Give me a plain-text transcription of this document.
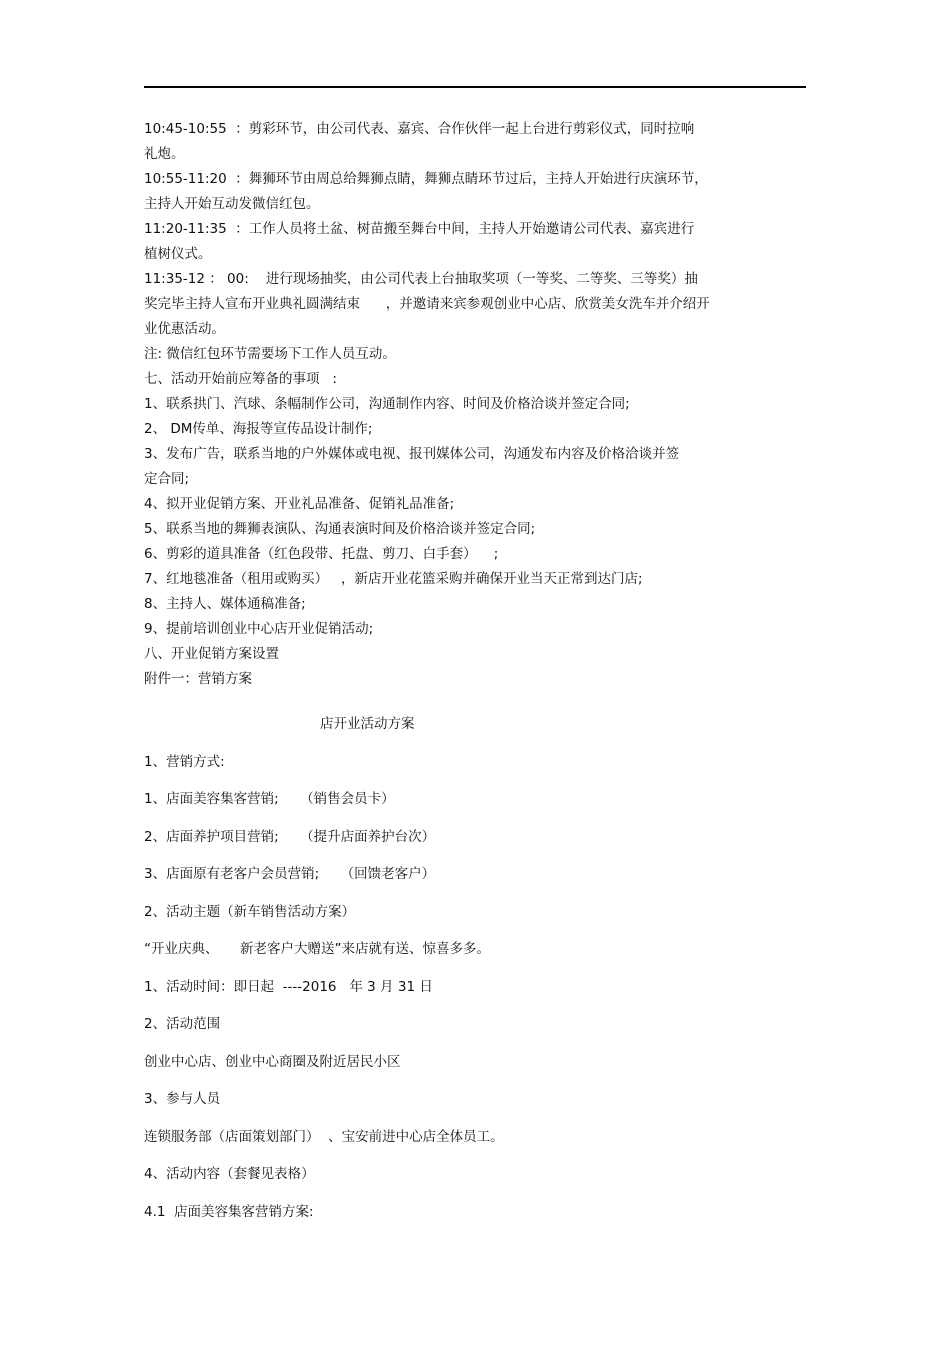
10:45-10:55  ：剪彩环节，由公司代表、嘉宾、合作伙伴一起上台进行剪彩仪式，同时拉响

礼炮。

10:55-11:20  ：舞狮环节由周总给舞狮点睛，舞狮点睛环节过后，主持人开始进行庆演环节，

主持人开始互动发微信红包。

11:20-11:35  ：工作人员将土盆、树苗搬至舞台中间，主持人开始邀请公司代表、嘉宾进行

植树仪式。

11:35-12 ： 00:    进行现场抽奖，由公司代表上台抽取奖项（一等奖、二等奖、三等奖）抽

奖完毕主持人宣布开业典礼圆满结束      ，并邀请来宾参观创业中心店、欣赏美女洗车并介绍开

业优惠活动。

注: 微信红包环节需要场下工作人员互动。

七、活动开始前应筹备的事项   :

1、联系拱门、汽球、条幅制作公司，沟通制作内容、时间及价格洽谈并签定合同;

2、 DM传单、海报等宣传品设计制作;

3、发布广告，联系当地的户外媒体或电视、报刊媒体公司，沟通发布内容及价格洽谈并签

定合同;

4、拟开业促销方案、开业礼品准备、促销礼品准备;

5、联系当地的舞狮表演队、沟通表演时间及价格洽谈并签定合同;

6、剪彩的道具准备（红色段带、托盘、剪刀、白手套）    ;

7、红地毯准备（租用或购买）   ，新店开业花篮采购并确保开业当天正常到达门店;

8、主持人、媒体通稿准备;

9、提前培训创业中心店开业促销活动;

八、开业促销方案设置

附件一：营销方案

店开业活动方案

1、营销方式:

1、店面美容集客营销;     （销售会员卡）

2、店面养护项目营销;     （提升店面养护台次）

3、店面原有老客户会员营销;     （回馈老客户）

2、活动主题（新车销售活动方案）

“开业庆典、     新老客户大赠送”来店就有送、惊喜多多。

1、活动时间：即日起  ----2016   年 3 月 31 日

2、活动范围

创业中心店、创业中心商圈及附近居民小区

3、参与人员

连锁服务部（店面策划部门）  、宝安前进中心店全体员工。

4、活动内容（套餐见表格）

4.1  店面美容集客营销方案:
